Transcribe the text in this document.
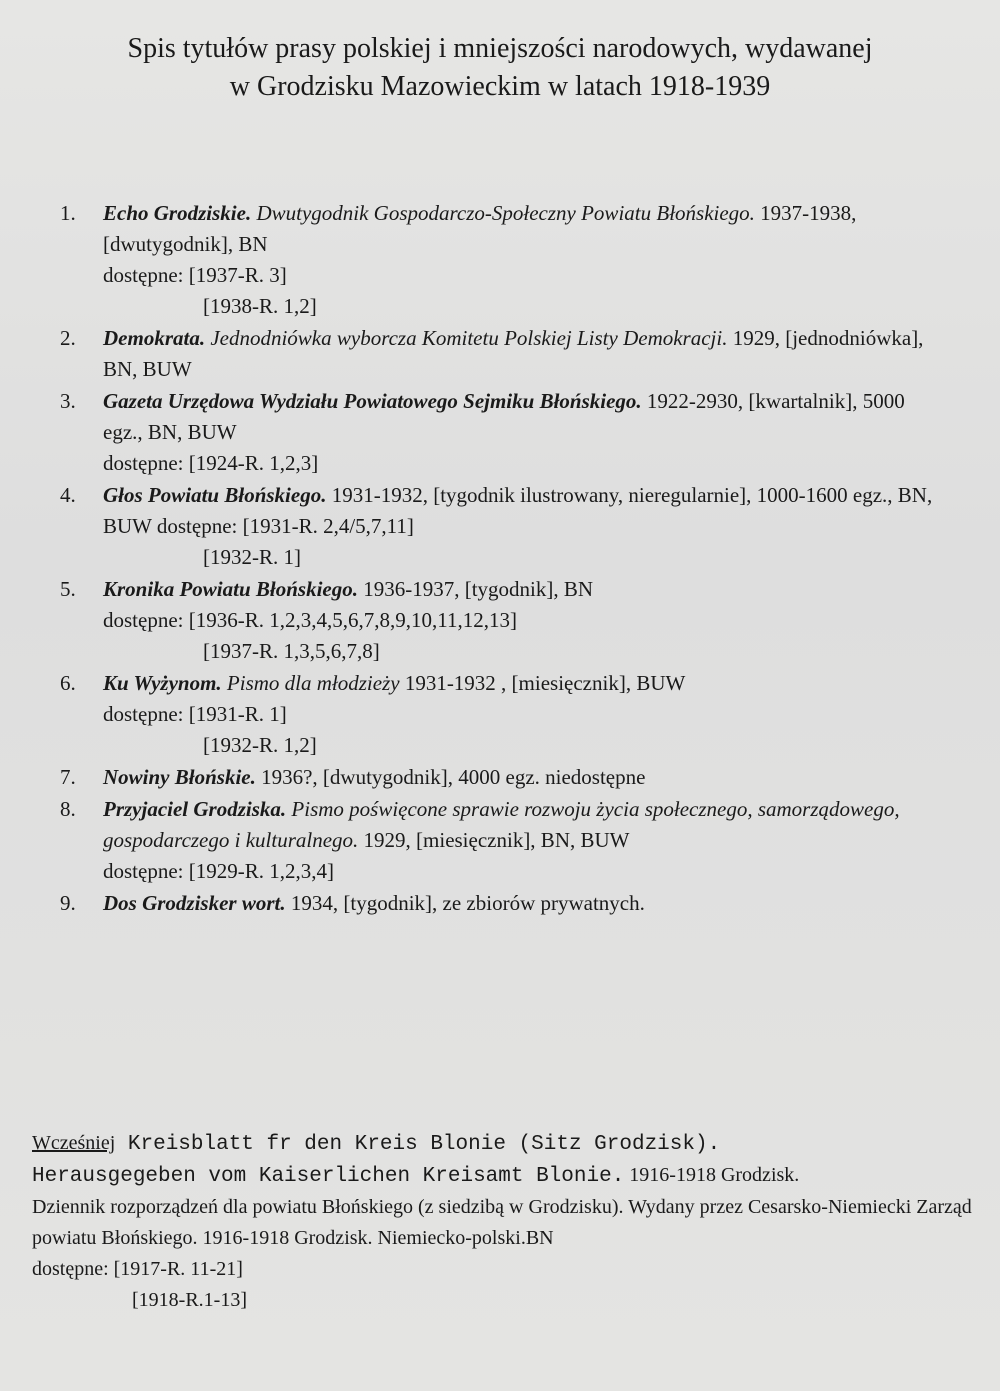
Spis tytułów prasy polskiej i mniejszości narodowych, wydawanej
w Grodzisku Mazowieckim w latach 1918-1939
1.	Echo Grodziskie. Dwutygodnik Gospodarczo-Społeczny Powiatu Błońskiego. 1937-1938, [dwutygodnik], BN
dostępne: [1937-R. 3]
[1938-R. 1,2]
2.	Demokrata. Jednodniówka wyborcza Komitetu Polskiej Listy Demokracji. 1929, [jednodniówka], BN, BUW
3.	Gazeta Urzędowa Wydziału Powiatowego Sejmiku Błońskiego. 1922-2930, [kwartalnik], 5000 egz., BN, BUW
dostępne: [1924-R. 1,2,3]
4.	Głos Powiatu Błońskiego. 1931-1932, [tygodnik ilustrowany, nieregularnie], 1000-1600 egz., BN, BUW dostępne: [1931-R. 2,4/5,7,11]
[1932-R. 1]
5.	Kronika Powiatu Błońskiego. 1936-1937, [tygodnik], BN
dostępne: [1936-R. 1,2,3,4,5,6,7,8,9,10,11,12,13]
[1937-R. 1,3,5,6,7,8]
6.	Ku Wyżynom. Pismo dla młodzieży 1931-1932 , [miesięcznik], BUW
dostępne: [1931-R. 1]
[1932-R. 1,2]
7.	Nowiny Błońskie. 1936?, [dwutygodnik], 4000 egz. niedostępne
8.	Przyjaciel Grodziska. Pismo poświęcone sprawie rozwoju życia społecznego, samorządowego, gospodarczego i kulturalnego. 1929, [miesięcznik], BN, BUW
dostępne: [1929-R. 1,2,3,4]
9.	Dos Grodzisker wort. 1934, [tygodnik], ze zbiorów prywatnych.
Wcześniej Kreisblatt fr den Kreis Blonie (Sitz Grodzisk).
Herausgegeben vom Kaiserlichen Kreisamt Blonie. 1916-1918 Grodzisk.
Dziennik rozporządzeń dla powiatu Błońskiego (z siedzibą w Grodzisku). Wydany przez Cesarsko-Niemiecki Zarząd powiatu Błońskiego. 1916-1918 Grodzisk. Niemiecko-polski.BN
dostępne: [1917-R. 11-21]
[1918-R.1-13]
